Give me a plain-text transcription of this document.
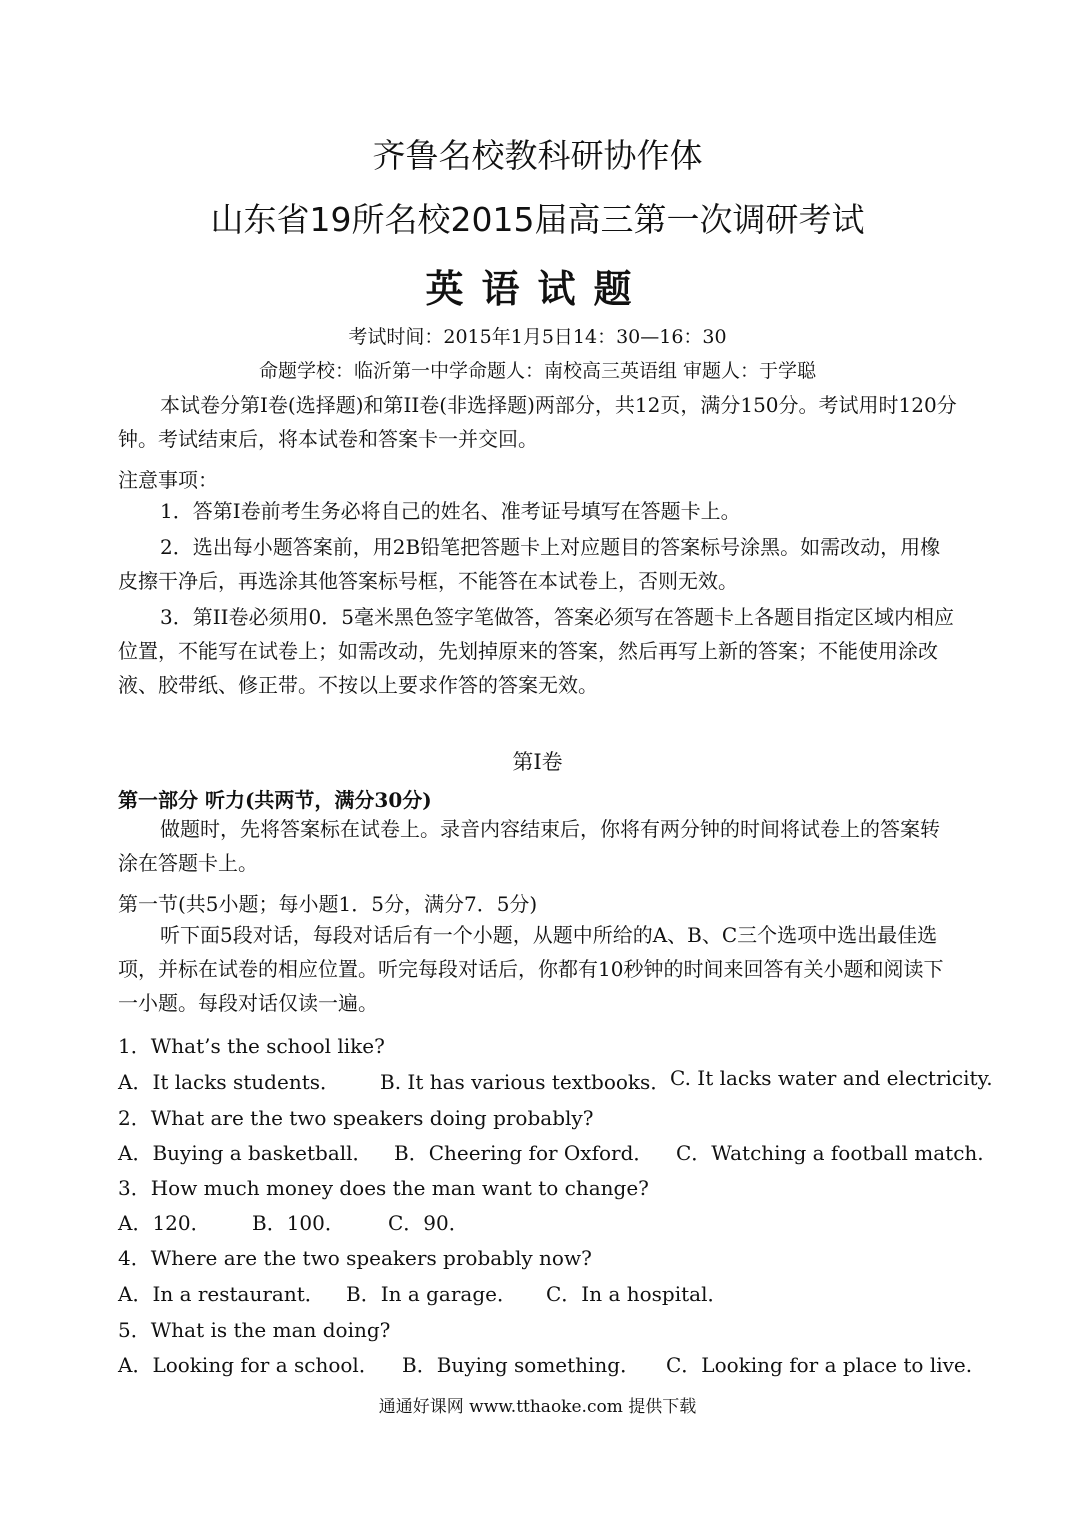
齐鲁名校教科研协作体
山东省19所名校2015届高三第一次调研考试
英语试题
考试时间：2015年1月5日14：30—16：30
命题学校：临沂第一中学命题人：南校高三英语组 审题人：于学聪
本试卷分第I卷(选择题)和第II卷(非选择题)两部分，共12页，满分150分。考试用时120分钟。考试结束后，将本试卷和答案卡一并交回。
注意事项：
1．答第I卷前考生务必将自己的姓名、准考证号填写在答题卡上。
2．选出每小题答案前，用2B铅笔把答题卡上对应题目的答案标号涂黑。如需改动，用橡皮擦干净后，再选涂其他答案标号框，不能答在本试卷上，否则无效。
3．第II卷必须用0．5毫米黑色签字笔做答，答案必须写在答题卡上各题目指定区域内相应位置，不能写在试卷上；如需改动，先划掉原来的答案，然后再写上新的答案；不能使用涂改液、胶带纸、修正带。不按以上要求作答的答案无效。
第I卷
第一部分 听力(共两节，满分30分)
做题时，先将答案标在试卷上。录音内容结束后，你将有两分钟的时间将试卷上的答案转涂在答题卡上。
第一节(共5小题；每小题1．5分，满分7．5分)
听下面5段对话，每段对话后有一个小题，从题中所给的A、B、C三个选项中选出最佳选项，并标在试卷的相应位置。听完每段对话后，你都有10秒钟的时间来回答有关小题和阅读下一小题。每段对话仅读一遍。
1．What’s the school like?
A．It lacks students． B. It has various textbooks． C. It lacks water and electricity.
2．What are the two speakers doing probably?
A．Buying a basketball． B．Cheering for Oxford． C．Watching a football match.
3．How much money does the man want to change?
A．120． B．100． C．90．
4．Where are the two speakers probably now?
A．In a restaurant． B．In a garage． C．In a hospital．
5．What is the man doing?
A．Looking for a school． B．Buying something． C．Looking for a place to live.
通通好课网 www.tthaoke.com 提供下载
